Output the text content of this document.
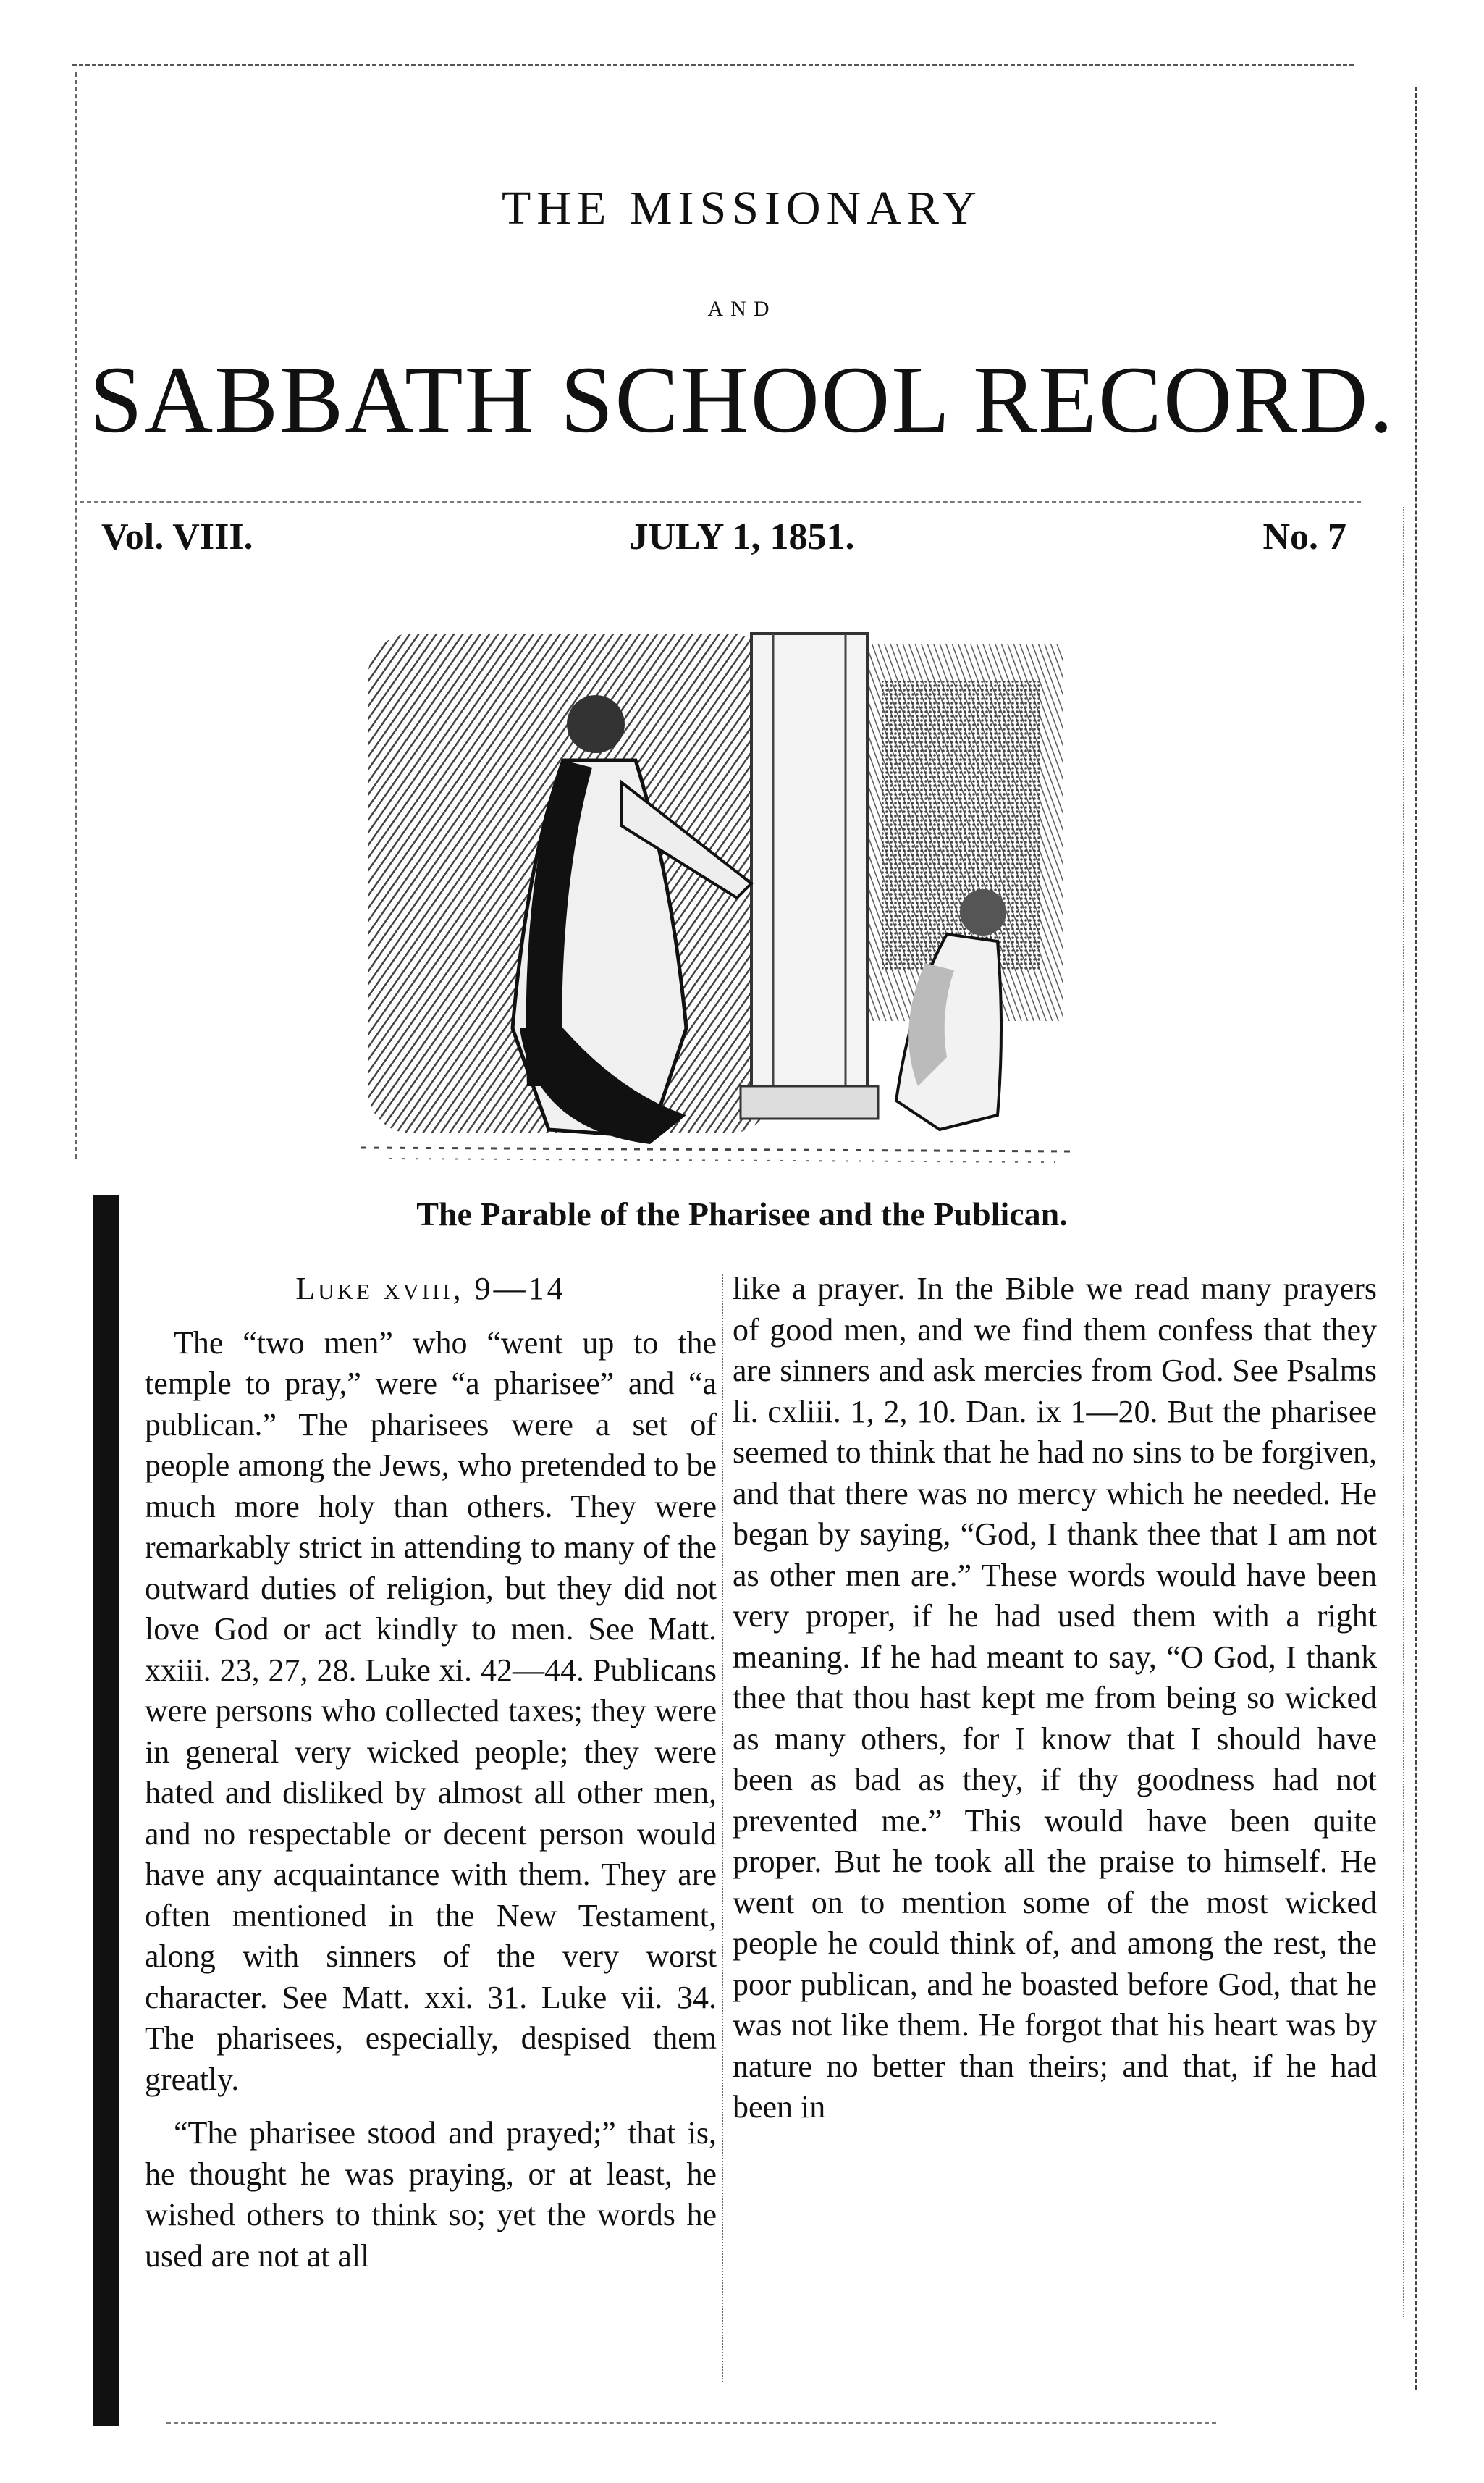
THE MISSIONARY
AND
SABBATH SCHOOL RECORD.
Vol. VIII.	JULY 1, 1851.	No. 7
The Parable of the Pharisee and the Publican.

Luke xviii, 9—14

The “two men” who “went up to the temple to pray,” were “a pharisee” and “a publican.” The pharisees were a set of people among the Jews, who pretended to be much more holy than others. They were remarkably strict in attending to many of the outward duties of religion, but they did not love God or act kindly to men. See Matt. xxiii. 23, 27, 28. Luke xi. 42—44. Publicans were persons who collected taxes; they were in general very wicked people; they were hated and disliked by almost all other men, and no respectable or decent person would have any acquaintance with them. They are often mentioned in the New Testament, along with sinners of the very worst character. See Matt. xxi. 31. Luke vii. 34. The pharisees, especially, despised them greatly.

“The pharisee stood and prayed;” that is, he thought he was praying, or at least, he wished others to think so; yet the words he used are not at all

like a prayer. In the Bible we read many prayers of good men, and we find them confess that they are sinners and ask mercies from God. See Psalms li. cxliii. 1, 2, 10. Dan. ix 1—20. But the pharisee seemed to think that he had no sins to be forgiven, and that there was no mercy which he needed. He began by saying, “God, I thank thee that I am not as other men are.” These words would have been very proper, if he had used them with a right meaning. If he had meant to say, “O God, I thank thee that thou hast kept me from being so wicked as many others, for I know that I should have been as bad as they, if thy goodness had not prevented me.” This would have been quite proper. But he took all the praise to himself. He went on to mention some of the most wicked people he could think of, and among the rest, the poor publican, and he boasted before God, that he was not like them. He forgot that his heart was by nature no better than theirs; and that, if he had been in
